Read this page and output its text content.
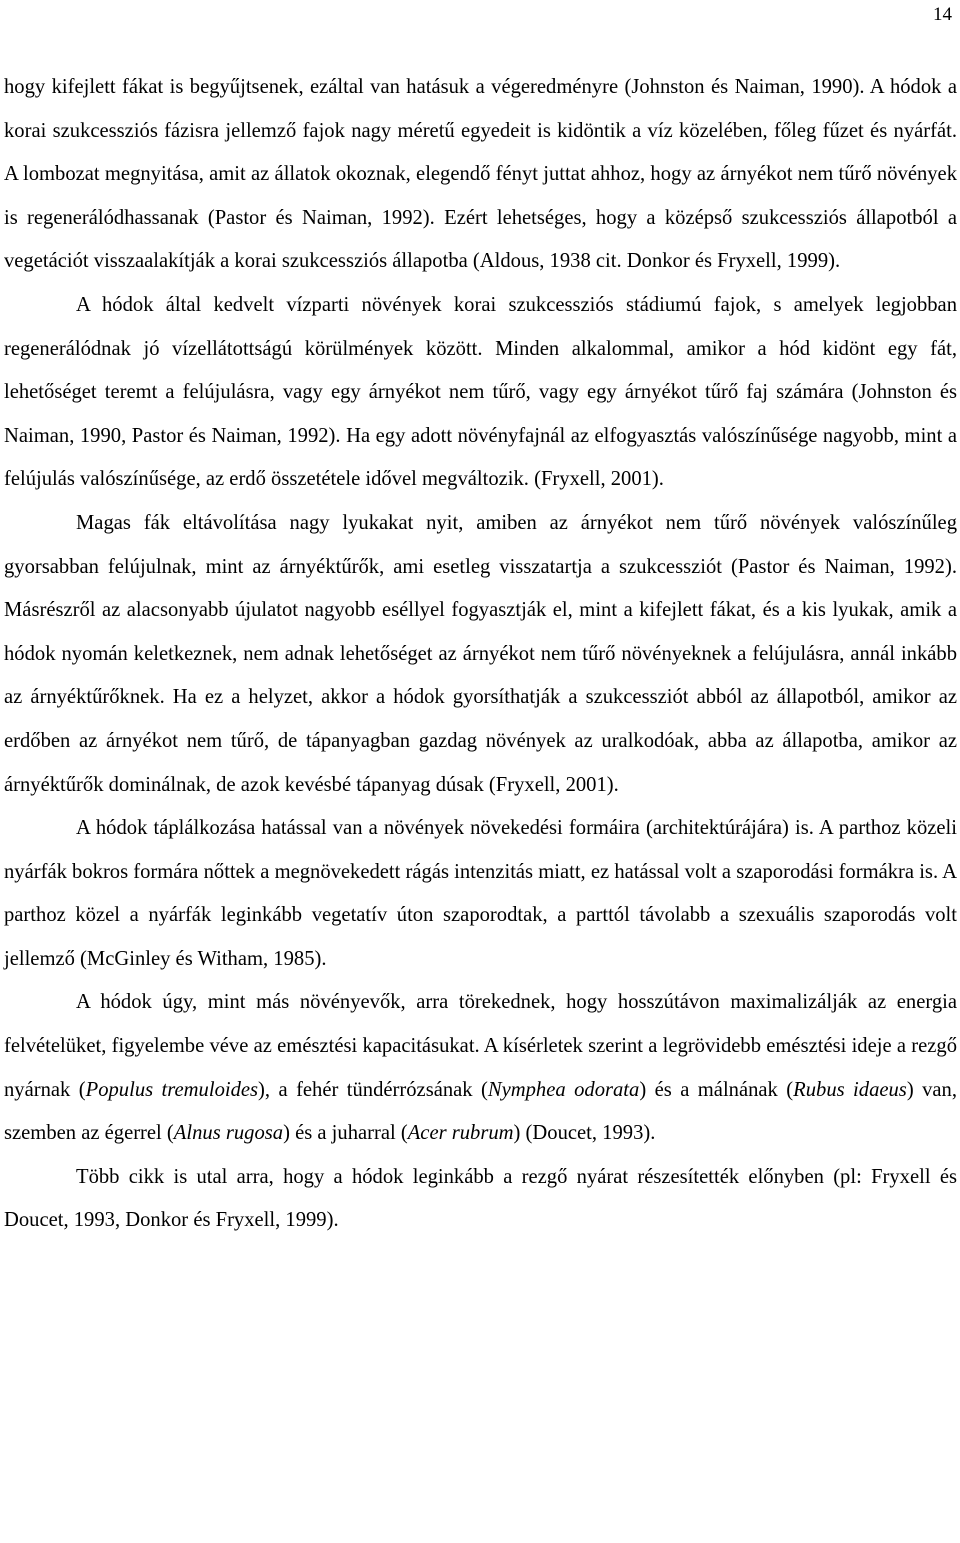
14

hogy kifejlett fákat is begyűjtsenek, ezáltal van hatásuk a végeredményre (Johnston és Naiman, 1990). A hódok a korai szukcessziós fázisra jellemző fajok nagy méretű egyedeit is kidöntik a víz közelében, főleg fűzet és nyárfát. A lombozat megnyitása, amit az állatok okoznak, elegendő fényt juttat ahhoz, hogy az árnyékot nem tűrő növények is regenerálódhassanak (Pastor és Naiman, 1992). Ezért lehetséges, hogy a középső szukcessziós állapotból a vegetációt visszaalakítják a korai szukcessziós állapotba (Aldous, 1938 cit. Donkor és Fryxell, 1999).

A hódok által kedvelt vízparti növények korai szukcessziós stádiumú fajok, s amelyek legjobban regenerálódnak jó vízellátottságú körülmények között. Minden alkalommal, amikor a hód kidönt egy fát, lehetőséget teremt a felújulásra, vagy egy árnyékot nem tűrő, vagy egy árnyékot tűrő faj számára (Johnston és Naiman, 1990, Pastor és Naiman, 1992). Ha egy adott növényfajnál az elfogyasztás valószínűsége nagyobb, mint a felújulás valószínűsége, az erdő összetétele idővel megváltozik. (Fryxell, 2001).

Magas fák eltávolítása nagy lyukakat nyit, amiben az árnyékot nem tűrő növények valószínűleg gyorsabban felújulnak, mint az árnyéktűrők, ami esetleg visszatartja a szukcessziót (Pastor és Naiman, 1992). Másrészről az alacsonyabb újulatot nagyobb eséllyel fogyasztják el, mint a kifejlett fákat, és a kis lyukak, amik a hódok nyomán keletkeznek, nem adnak lehetőséget az árnyékot nem tűrő növényeknek a felújulásra, annál inkább az árnyéktűrőknek. Ha ez a helyzet, akkor a hódok gyorsíthatják a szukcessziót abból az állapotból, amikor az erdőben az árnyékot nem tűrő, de tápanyagban gazdag növények az uralkodóak, abba az állapotba, amikor az árnyéktűrők dominálnak, de azok kevésbé tápanyag dúsak (Fryxell, 2001).

A hódok táplálkozása hatással van a növények növekedési formáira (architektúrájára) is. A parthoz közeli nyárfák bokros formára nőttek a megnövekedett rágás intenzitás miatt, ez hatással volt a szaporodási formákra is. A parthoz közel a nyárfák leginkább vegetatív úton szaporodtak, a parttól távolabb a szexuális szaporodás volt jellemző (McGinley és Witham, 1985).

A hódok úgy, mint más növényevők, arra törekednek, hogy hosszútávon maximalizálják az energia felvételüket, figyelembe véve az emésztési kapacitásukat. A kísérletek szerint a legrövidebb emésztési ideje a rezgő nyárnak (Populus tremuloides), a fehér tündérrózsának (Nymphea odorata) és a málnának (Rubus idaeus) van, szemben az égerrel (Alnus rugosa) és a juharral (Acer rubrum) (Doucet, 1993).

Több cikk is utal arra, hogy a hódok leginkább a rezgő nyárat részesítették előnyben (pl: Fryxell és Doucet, 1993, Donkor és Fryxell, 1999).
